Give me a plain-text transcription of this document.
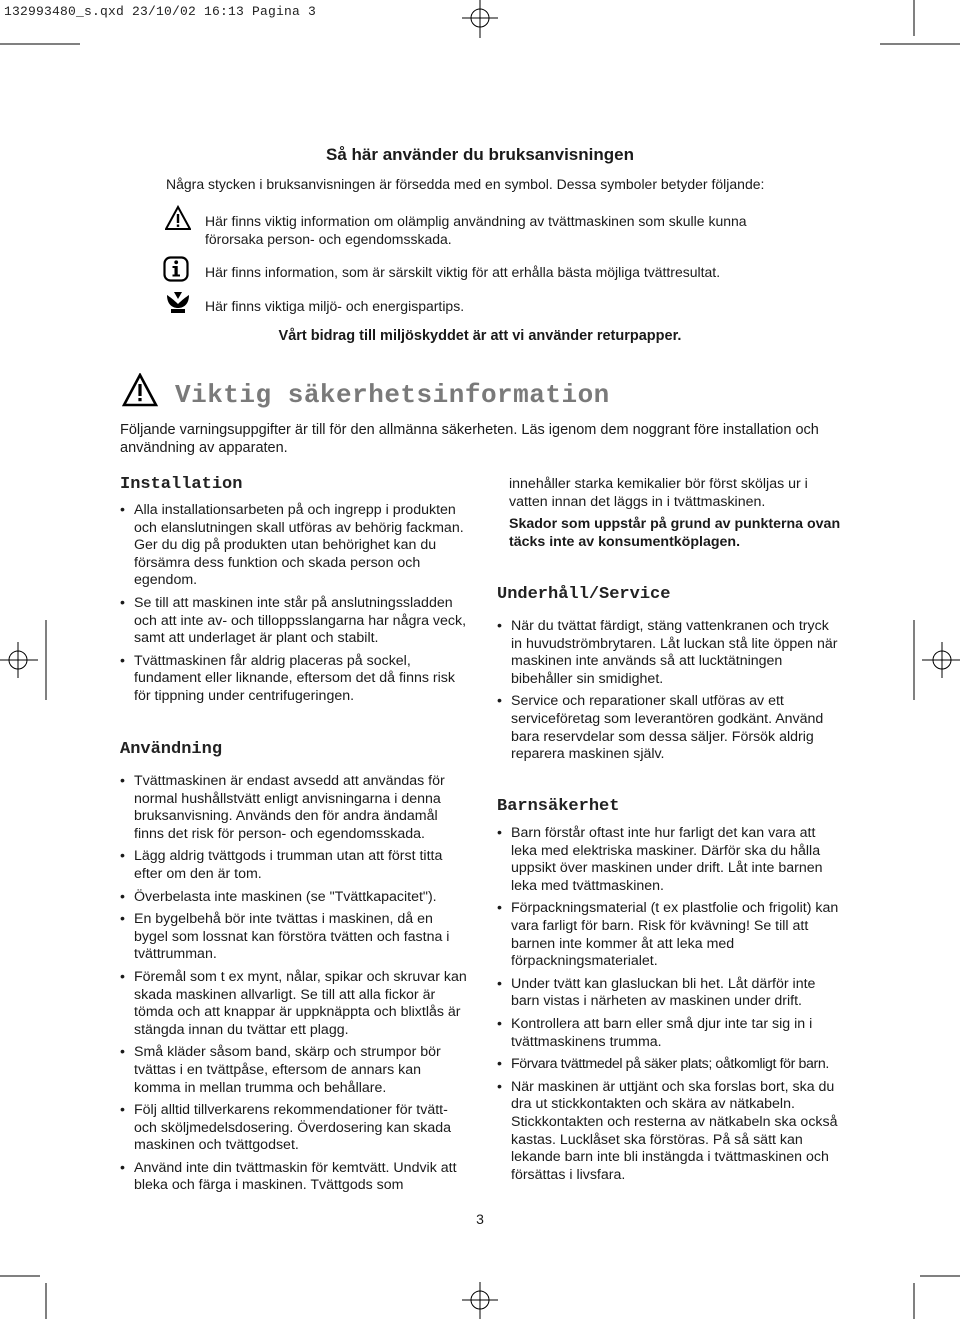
132993480_s.qxd 23/10/02 16:13 Pagina 3
Så här använder du bruksanvisningen
Några stycken i bruksanvisningen är försedda med en symbol. Dessa symboler betyder följande:
Här finns viktig information om olämplig användning av tvättmaskinen som skulle kunna
förorsaka person- och egendomsskada.
Här finns information, som är särskilt viktig för att erhålla bästa möjliga tvättresultat.
Här finns viktiga miljö- och energispartips.
Vårt bidrag till miljöskyddet är att vi använder returpapper.
Viktig säkerhetsinformation
Följande varningsuppgifter är till för den allmänna säkerheten. Läs igenom dem noggrant före installation och
användning av apparaten.
Installation
• Alla installationsarbeten på och ingrepp i produkten och elanslutningen skall utföras av behörig fackman. Ger du dig på produkten utan behörighet kan du försämra dess funktion och skada person och egendom.
• Se till att maskinen inte står på anslutningssladden och att inte av- och tilloppsslangarna har några veck, samt att underlaget är plant och stabilt.
• Tvättmaskinen får aldrig placeras på sockel, fundament eller liknande, eftersom det då finns risk för tippning under centrifugeringen.
Användning
• Tvättmaskinen är endast avsedd att användas för normal hushållstvätt enligt anvisningarna i denna bruksanvisning. Används den för andra ändamål finns det risk för person- och egendomsskada.
• Lägg aldrig tvättgods i trumman utan att först titta efter om den är tom.
• Överbelasta inte maskinen (se "Tvättkapacitet").
• En bygelbehå bör inte tvättas i maskinen, då en bygel som lossnat kan förstöra tvätten och fastna i tvättrumman.
• Föremål som t ex mynt, nålar, spikar och skruvar kan skada maskinen allvarligt. Se till att alla fickor är tömda och att knappar är uppknäppta och blixtlås är stängda innan du tvättar ett plagg.
• Små kläder såsom band, skärp och strumpor bör tvättas i en tvättpåse, eftersom de annars kan komma in mellan trumma och behållare.
• Följ alltid tillverkarens rekommendationer för tvätt- och sköljmedelsdosering. Överdosering kan skada maskinen och tvättgodset.
• Använd inte din tvättmaskin för kemtvätt. Undvik att bleka och färga i maskinen. Tvättgods som
innehåller starka kemikalier bör först sköljas ur i vatten innan det läggs in i tvättmaskinen.
Skador som uppstår på grund av punkterna ovan täcks inte av konsumentköplagen.
Underhåll/Service
• När du tvättat färdigt, stäng vattenkranen och tryck in huvudströmbrytaren. Låt luckan stå lite öppen när maskinen inte används så att lucktätningen bibehåller sin smidighet.
• Service och reparationer skall utföras av ett serviceföretag som leverantören godkänt. Använd bara reservdelar som dessa säljer. Försök aldrig reparera maskinen själv.
Barnsäkerhet
• Barn förstår oftast inte hur farligt det kan vara att leka med elektriska maskiner. Därför ska du hålla uppsikt över maskinen under drift. Låt inte barnen leka med tvättmaskinen.
• Förpackningsmaterial (t ex plastfolie och frigolit) kan vara farligt för barn. Risk för kvävning! Se till att barnen inte kommer åt att leka med förpackningsmaterialet.
• Under tvätt kan glasluckan bli het. Låt därför inte barn vistas i närheten av maskinen under drift.
• Kontrollera att barn eller små djur inte tar sig in i tvättmaskinens trumma.
• Förvara tvättmedel på säker plats; oåtkomligt för barn.
• När maskinen är uttjänt och ska forslas bort, ska du dra ut stickkontakten och skära av nätkabeln. Stickkontakten och resterna av nätkabeln ska också kastas. Lucklåset ska förstöras. På så sätt kan lekande barn inte bli instängda i tvättmaskinen och försättas i livsfara.
3
